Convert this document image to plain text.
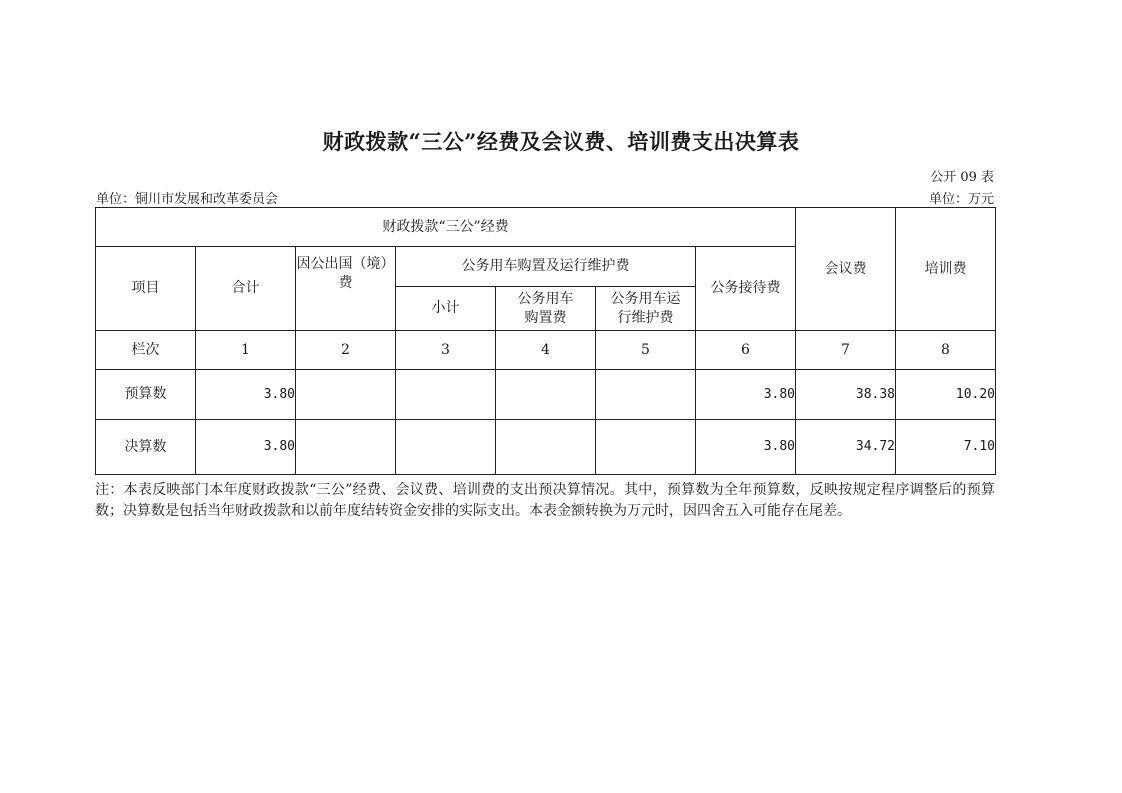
财政拨款“三公”经费及会议费、培训费支出决算表
公开 09 表
单位：铜川市发展和改革委员会	单位：万元
财政拨款“三公”经费							会议费	培训费
项目	合计	因公出国（境）费	公务用车购置及运行维护费			公务接待费		
			小计	公务用车购置费	公务用车运行维护费			
栏次	1	2	3	4	5	6	7	8
预算数	3.80					3.80	38.38	10.20
决算数	3.80					3.80	34.72	7.10
注：本表反映部门本年度财政拨款“三公”经费、会议费、培训费的支出预决算情况。其中，预算数为全年预算数，反映按规定程序调整后的预算数；决算数是包括当年财政拨款和以前年度结转资金安排的实际支出。本表金额转换为万元时，因四舍五入可能存在尾差。
